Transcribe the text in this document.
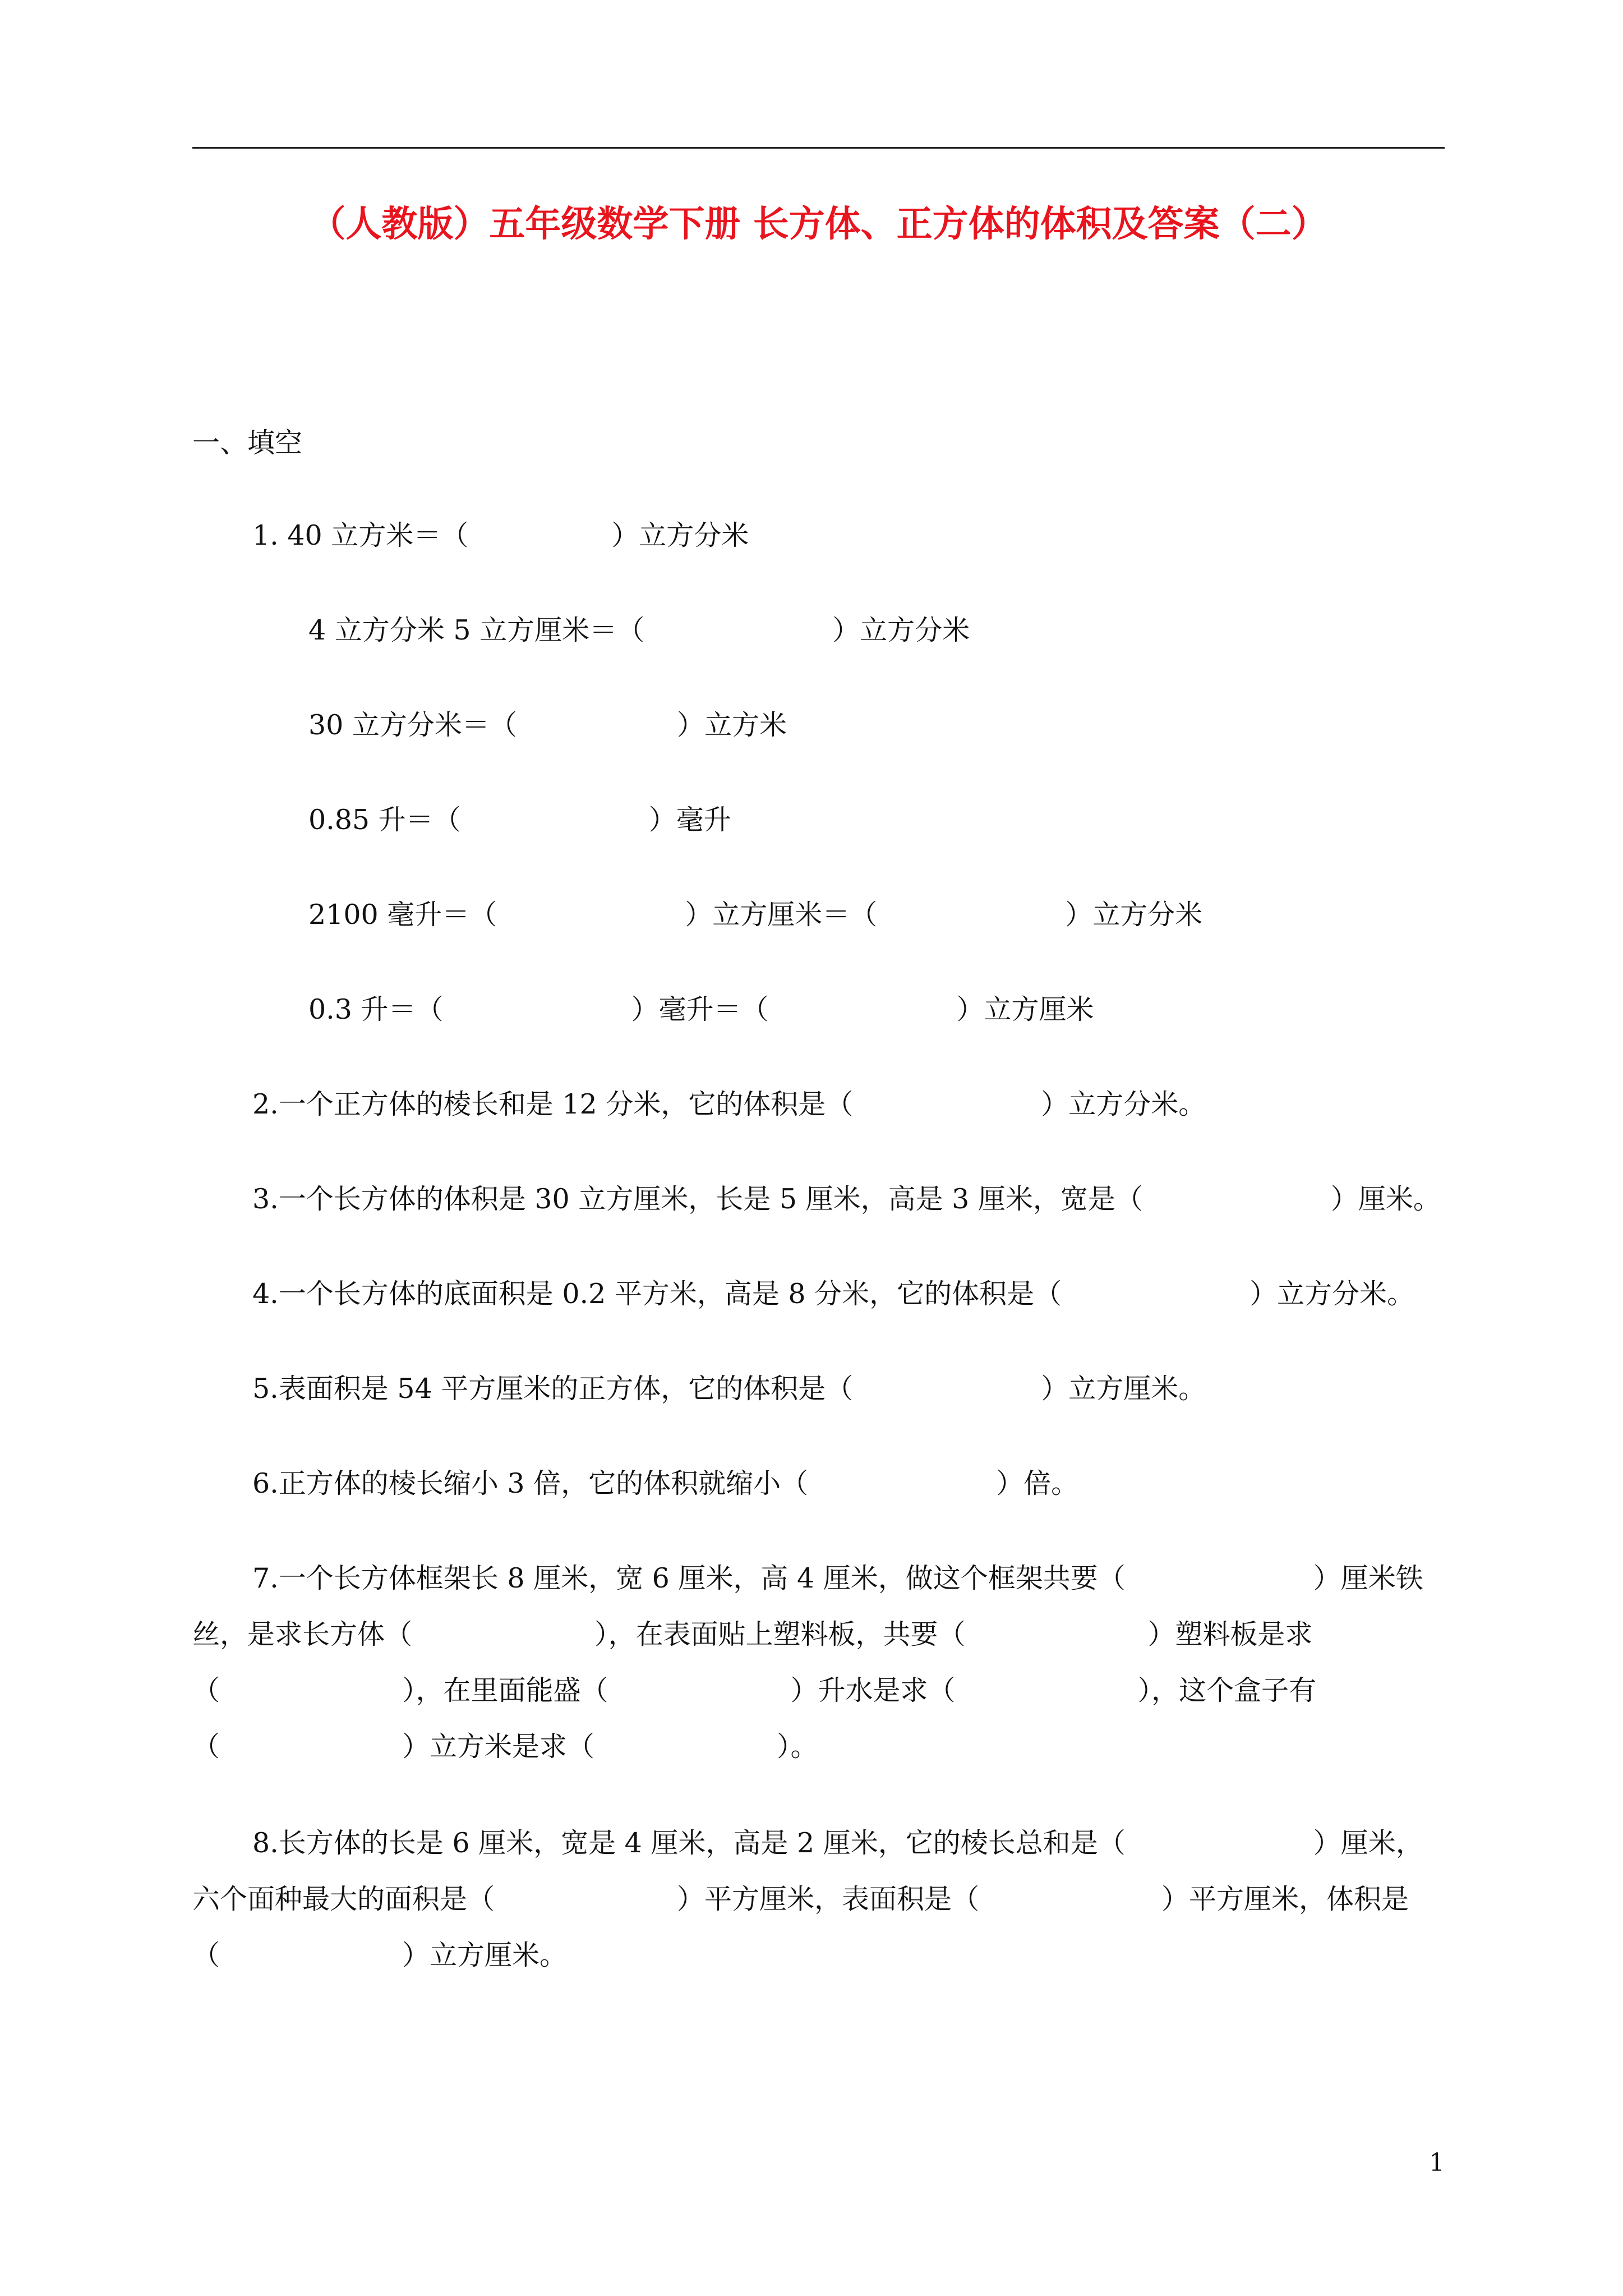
（人教版）五年级数学下册 长方体、正方体的体积及答案（二）
一、填空
1. 40 立方米＝（	）立方分米
4 立方分米 5 立方厘米＝（	）立方分米
30 立方分米＝（	）立方米
0.85 升＝（	）毫升
2100 毫升＝（	）立方厘米＝（	）立方分米
0.3 升＝（	）毫升＝（	）立方厘米
2.一个正方体的棱长和是 12 分米，它的体积是（	）立方分米。
3.一个长方体的体积是 30 立方厘米，长是 5 厘米，高是 3 厘米，宽是（	）厘米。
4.一个长方体的底面积是 0.2 平方米，高是 8 分米，它的体积是（	）立方分米。
5.表面积是 54 平方厘米的正方体，它的体积是（	）立方厘米。
6.正方体的棱长缩小 3 倍，它的体积就缩小（	）倍。
7.一个长方体框架长 8 厘米，宽 6 厘米，高 4 厘米，做这个框架共要（	）厘米铁
丝，是求长方体（	），在表面贴上塑料板，共要（	）塑料板是求
（	），在里面能盛（	）升水是求（	），这个盒子有
（	）立方米是求（	）。
8.长方体的长是 6 厘米，宽是 4 厘米，高是 2 厘米，它的棱长总和是（	）厘米，
六个面种最大的面积是（	）平方厘米，表面积是（	）平方厘米，体积是
（	）立方厘米。
1
